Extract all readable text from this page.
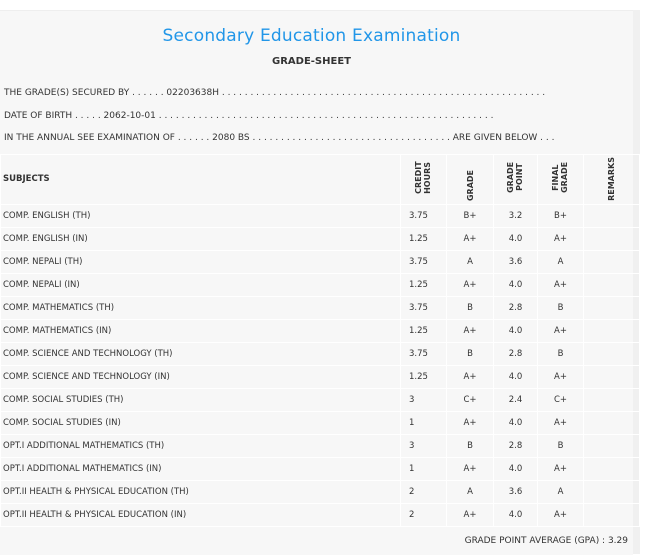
Secondary Education Examination
GRADE-SHEET
THE GRADE(S) SECURED BY . . . . . . 02203638H . . . . . . . . . . . . . . . . . . . . . . . . . . . . . . . . . . . . . . . . . . . . . . . . . . . . . . . . .
DATE OF BIRTH . . . . . 2062-10-01 . . . . . . . . . . . . . . . . . . . . . . . . . . . . . . . . . . . . . . . . . . . . . . . . . . . . . . . . . . .
IN THE ANNUAL SEE EXAMINATION OF . . . . . . 2080 BS . . . . . . . . . . . . . . . . . . . . . . . . . . . . . . . . . . . ARE GIVEN BELOW . . .
SUBJECTS	CREDIT HOURS	GRADE	GRADE POINT	FINAL GRADE	REMARKS
COMP. ENGLISH (TH)	3.75	B+	3.2	B+	
COMP. ENGLISH (IN)	1.25	A+	4.0	A+	
COMP. NEPALI (TH)	3.75	A	3.6	A	
COMP. NEPALI (IN)	1.25	A+	4.0	A+	
COMP. MATHEMATICS (TH)	3.75	B	2.8	B	
COMP. MATHEMATICS (IN)	1.25	A+	4.0	A+	
COMP. SCIENCE AND TECHNOLOGY (TH)	3.75	B	2.8	B	
COMP. SCIENCE AND TECHNOLOGY (IN)	1.25	A+	4.0	A+	
COMP. SOCIAL STUDIES (TH)	3	C+	2.4	C+	
COMP. SOCIAL STUDIES (IN)	1	A+	4.0	A+	
OPT.I ADDITIONAL MATHEMATICS (TH)	3	B	2.8	B	
OPT.I ADDITIONAL MATHEMATICS (IN)	1	A+	4.0	A+	
OPT.II HEALTH & PHYSICAL EDUCATION (TH)	2	A	3.6	A	
OPT.II HEALTH & PHYSICAL EDUCATION (IN)	2	A+	4.0	A+	
GRADE POINT AVERAGE (GPA) : 3.29
